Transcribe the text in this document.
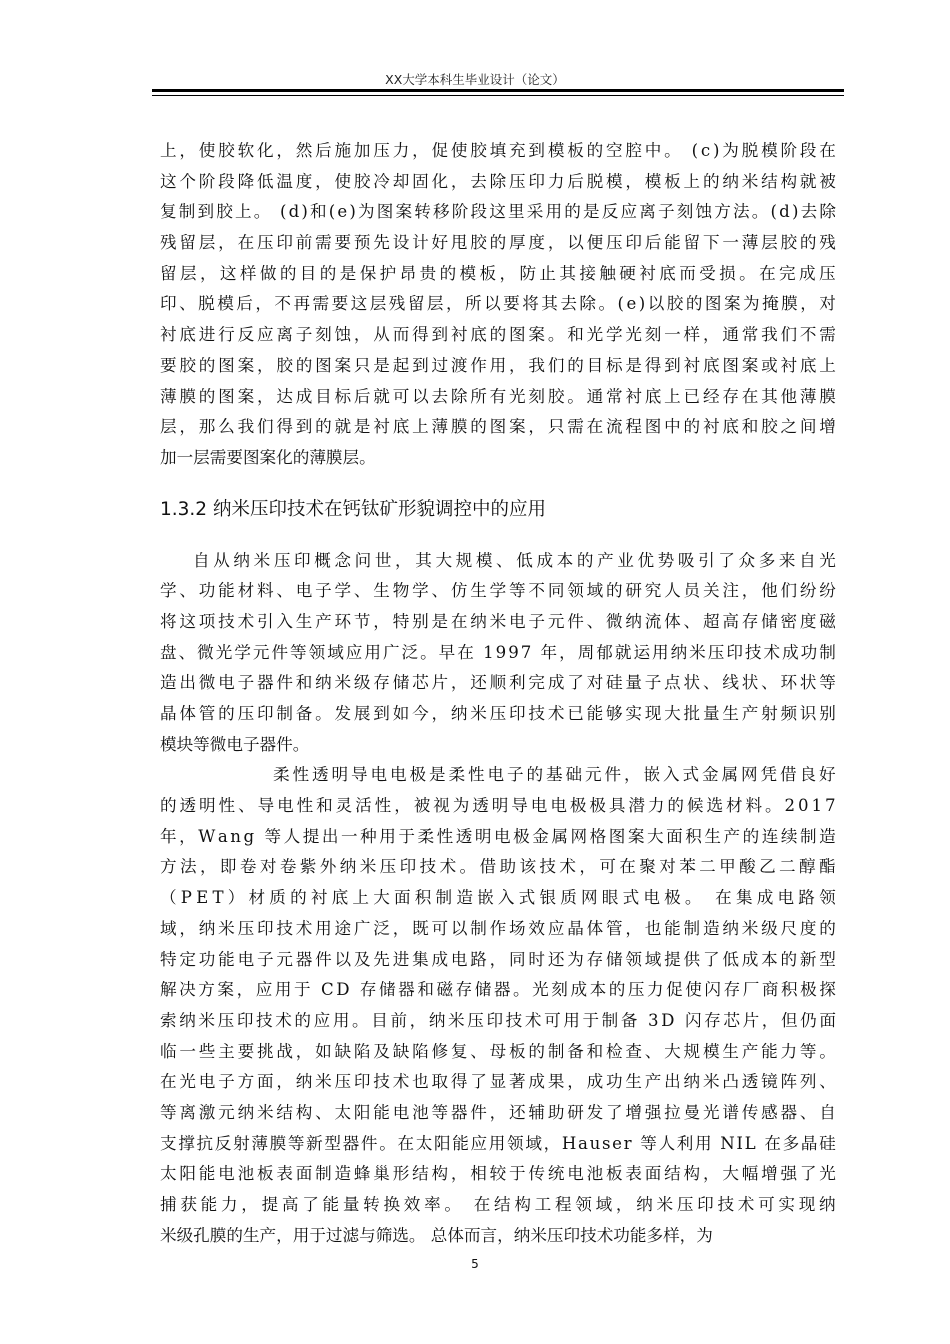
XX大学本科生毕业设计（论文）
上 ， 使 胶 软 化 ， 然 后 施 加 压 力 ， 促 使 胶 填 充 到 模 板 的 空 腔 中 。
( c ) 为 脱 模 阶 段 在
这 个 阶 段 降 低 温 度 ， 使 胶 冷 却 固 化 ， 去 除 压 印 力 后 脱 模 ， 模 板 上 的 纳 米 结 构 就 被
复 制 到 胶 上 。
( d ) 和 ( e ) 为 图 案 转 移 阶 段 这 里 采 用 的 是 反 应 离 子 刻 蚀 方 法 。 ( d ) 去 除
残 留 层 ， 在 压 印 前 需 要 预 先 设 计 好 甩 胶 的 厚 度 ， 以 便 压 印 后 能 留 下 一 薄 层 胶 的 残
留 层 ， 这 样 做 的 目 的 是 保 护 昂 贵 的 模 板 ， 防 止 其 接 触 硬 衬 底 而 受 损 。 在 完 成 压
印 、 脱 模 后 ， 不 再 需 要 这 层 残 留 层 ， 所 以 要 将 其 去 除 。 ( e ) 以 胶 的 图 案 为 掩 膜 ， 对
衬 底 进 行 反 应 离 子 刻 蚀 ， 从 而 得 到 衬 底 的 图 案 。 和 光 学 光 刻 一 样 ， 通 常 我 们 不 需
要 胶 的 图 案 ， 胶 的 图 案 只 是 起 到 过 渡 作 用 ， 我 们 的 目 标 是 得 到 衬 底 图 案 或 衬 底 上
薄 膜 的 图 案 ， 达 成 目 标 后 就 可 以 去 除 所 有 光 刻 胶 。 通 常 衬 底 上 已 经 存 在 其 他 薄 膜
层 ， 那 么 我 们 得 到 的 就 是 衬 底 上 薄 膜 的 图 案 ， 只 需 在 流 程 图 中 的 衬 底 和 胶 之 间 增
加一层需要图案化的薄膜层。
1.3.2 纳米压印技术在钙钛矿形貌调控中的应用
自 从 纳 米 压 印 概 念 问 世 ， 其 大 规 模 、 低 成 本 的 产 业 优 势 吸 引 了 众 多 来 自 光
学 、 功 能 材 料 、 电 子 学 、 生 物 学 、 仿 生 学 等 不 同 领 域 的 研 究 人 员 关 注 ， 他 们 纷 纷
将 这 项 技 术 引 入 生 产 环 节 ， 特 别 是 在 纳 米 电 子 元 件 、 微 纳 流 体 、 超 高 存 储 密 度 磁
盘 、 微 光 学 元 件 等 领 域 应 用 广 泛 。 早 在
1 9 9 7
年 ， 周 郁 就 运 用 纳 米 压 印 技 术 成 功 制
造 出 微 电 子 器 件 和 纳 米 级 存 储 芯 片 ， 还 顺 利 完 成 了 对 硅 量 子 点 状 、 线 状 、 环 状 等
晶 体 管 的 压 印 制 备 。 发 展 到 如 今 ， 纳 米 压 印 技 术 已 能 够 实 现 大 批 量 生 产 射 频 识 别
模块等微电子器件。
柔 性 透 明 导 电 电 极 是 柔 性 电 子 的 基 础 元 件 ， 嵌 入 式 金 属 网 凭 借 良 好
的 透 明 性 、 导 电 性 和 灵 活 性 ， 被 视 为 透 明 导 电 电 极 极 具 潜 力 的 候 选 材 料 。 2 0 1 7
年 ， W a n g
等 人 提 出 一 种 用 于 柔 性 透 明 电 极 金 属 网 格 图 案 大 面 积 生 产 的 连 续 制 造
方 法 ， 即 卷 对 卷 紫 外 纳 米 压 印 技 术 。 借 助 该 技 术 ， 可 在 聚 对 苯 二 甲 酸 乙 二 醇 酯
（ P E T ） 材 质 的 衬 底 上 大 面 积 制 造 嵌 入 式 银 质 网 眼 式 电 极 。
在 集 成 电 路 领
域 ， 纳 米 压 印 技 术 用 途 广 泛 ， 既 可 以 制 作 场 效 应 晶 体 管 ， 也 能 制 造 纳 米 级 尺 度 的
特 定 功 能 电 子 元 器 件 以 及 先 进 集 成 电 路 ， 同 时 还 为 存 储 领 域 提 供 了 低 成 本 的 新 型
解 决 方 案 ， 应 用 于
C D
存 储 器 和 磁 存 储 器 。 光 刻 成 本 的 压 力 促 使 闪 存 厂 商 积 极 探
索 纳 米 压 印 技 术 的 应 用 。 目 前 ， 纳 米 压 印 技 术 可 用 于 制 备
3 D
闪 存 芯 片 ， 但 仍 面
临 一 些 主 要 挑 战 ， 如 缺 陷 及 缺 陷 修 复 、 母 板 的 制 备 和 检 查 、 大 规 模 生 产 能 力 等 。
在 光 电 子 方 面 ， 纳 米 压 印 技 术 也 取 得 了 显 著 成 果 ， 成 功 生 产 出 纳 米 凸 透 镜 阵 列 、
等 离 激 元 纳 米 结 构 、 太 阳 能 电 池 等 器 件 ， 还 辅 助 研 发 了 增 强 拉 曼 光 谱 传 感 器 、 自
支 撑 抗 反 射 薄 膜 等 新 型 器 件 。 在 太 阳 能 应 用 领 域 ， H a u s e r
等 人 利 用
N I L
在 多 晶 硅
太 阳 能 电 池 板 表 面 制 造 蜂 巢 形 结 构 ， 相 较 于 传 统 电 池 板 表 面 结 构 ， 大 幅 增 强 了 光
捕 获 能 力 ， 提 高 了 能 量 转 换 效 率 。
在 结 构 工 程 领 域 ， 纳 米 压 印 技 术 可 实 现 纳
米级孔膜的生产，用于过滤与筛选。 总体而言，纳米压印技术功能多样，为
5
